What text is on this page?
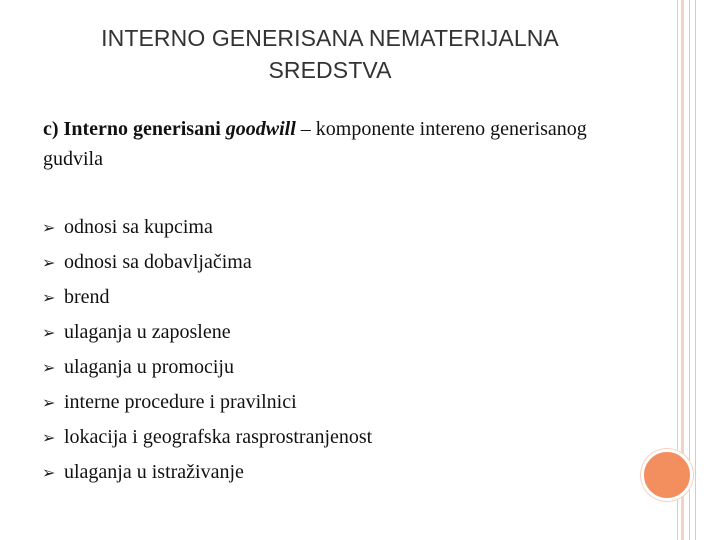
INTERNO GENERISANA NEMATERIJALNA
SREDSTVA
c) Interno generisani goodwill – komponente intereno generisanog gudvila
➢ odnosi sa kupcima
➢ odnosi sa dobavljačima
➢ brend
➢ ulaganja u zaposlene
➢ ulaganja u promociju
➢ interne procedure i pravilnici
➢ lokacija i geografska rasprostranjenost
➢ ulaganja u istraživanje
